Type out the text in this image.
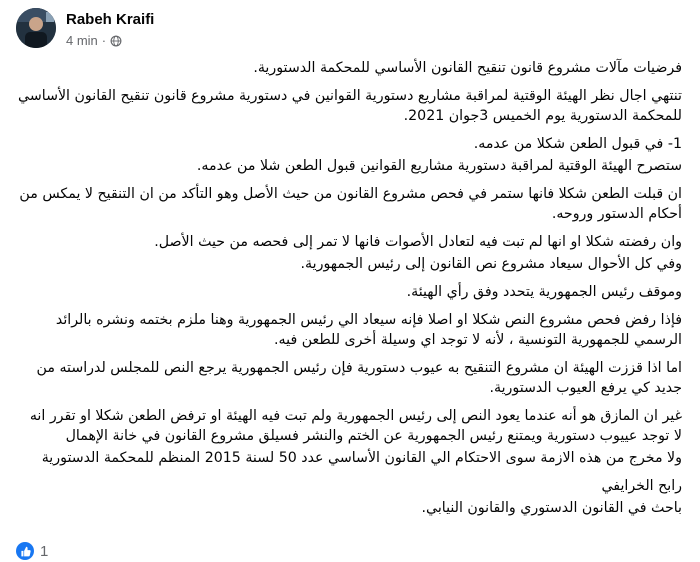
Rabeh Kraifi
4 min ·

فرضيات مآلات مشروع قانون تنقيح القانون الأساسي للمحكمة الدستورية.

تنتهي اجال نظر الهيئة الوقتية لمراقبة مشاريع دستورية القوانين في دستورية مشروع قانون تنقيح القانون الأساسي للمحكمة الدستورية يوم الخميس 3جوان 2021.

1- في قبول الطعن شكلا من عدمه.

ستصرح الهيئة الوقتية لمراقبة دستورية مشاريع القوانين قبول الطعن شلا من عدمه.

ان قبلت الطعن شكلا فانها ستمر في فحص مشروع القانون من حيث الأصل وهو التأكد من ان التنقيح لا يمكس من أحكام الدستور وروحه.

وان رفضته شكلا او انها لم تبت فيه لتعادل الأصوات فانها لا تمر إلى فحصه من حيث الأصل.

وفي كل الأحوال سيعاد مشروع نص القانون إلى رئيس الجمهورية.

وموقف رئيس الجمهورية يتحدد وفق رأي الهيئة.

فإذا رفض فحص مشروع النص شكلا او اصلا فإنه سيعاد الي رئيس الجمهورية وهنا ملزم بختمه ونشره بالرائد الرسمي للجمهورية التونسية ، لأنه لا توجد اي وسيلة أخرى للطعن فيه.

اما اذا قززت الهيئة ان مشروع التنقيح به عيوب دستورية فإن رئيس الجمهورية يرجع النص للمجلس لدراسته من جديد كي يرفع العيوب الدستورية.

غير ان المازق هو أنه عندما يعود النص إلى رئيس الجمهورية ولم تبت فيه الهيئة او ترفض الطعن شكلا او تقرر انه لا توجد عييوب دستورية ويمتنع رئيس الجمهورية عن الختم والنشر فسيلق مشروع القانون في خانة الإهمال

ولا مخرج من هذه الازمة سوى الاحتكام الي القانون الأساسي عدد 50 لسنة 2015 المنظم للمحكمة الدستورية

رابح الخرايفي

باحث في القانون الدستوري والقانون النيابي.

1
